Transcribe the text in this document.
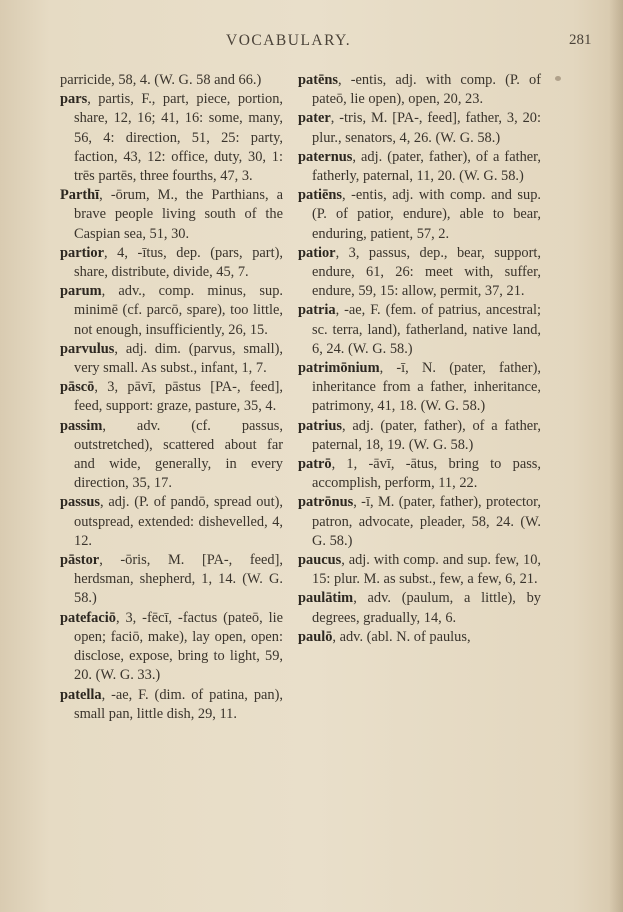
VOCABULARY.	281

parricide, 58, 4. (W. G. 58 and 66.)

pars, partis, F., part, piece, portion, share, 12, 16; 41, 16: some, many, 56, 4: direction, 51, 25: party, faction, 43, 12: office, duty, 30, 1: trēs partēs, three fourths, 47, 3.

Parthī, -ōrum, M., the Parthians, a brave people living south of the Caspian sea, 51, 30.

partior, 4, -ītus, dep. (pars, part), share, distribute, divide, 45, 7.

parum, adv., comp. minus, sup. minimē (cf. parcō, spare), too little, not enough, insufficiently, 26, 15.

parvulus, adj. dim. (parvus, small), very small. As subst., infant, 1, 7.

pāscō, 3, pāvī, pāstus [PA-, feed], feed, support: graze, pasture, 35, 4.

passim, adv. (cf. passus, outstretched), scattered about far and wide, generally, in every direction, 35, 17.

passus, adj. (P. of pandō, spread out), outspread, extended: dishevelled, 4, 12.

pāstor, -ōris, M. [PA-, feed], herdsman, shepherd, 1, 14. (W. G. 58.)

patefaciō, 3, -fēcī, -factus (pateō, lie open; faciō, make), lay open, open: disclose, expose, bring to light, 59, 20. (W. G. 33.)

patella, -ae, F. (dim. of patina, pan), small pan, little dish, 29, 11.

patēns, -entis, adj. with comp. (P. of pateō, lie open), open, 20, 23.

pater, -tris, M. [PA-, feed], father, 3, 20: plur., senators, 4, 26. (W. G. 58.)

paternus, adj. (pater, father), of a father, fatherly, paternal, 11, 20. (W. G. 58.)

patiēns, -entis, adj. with comp. and sup. (P. of patior, endure), able to bear, enduring, patient, 57, 2.

patior, 3, passus, dep., bear, support, endure, 61, 26: meet with, suffer, endure, 59, 15: allow, permit, 37, 21.

patria, -ae, F. (fem. of patrius, ancestral; sc. terra, land), fatherland, native land, 6, 24. (W. G. 58.)

patrimōnium, -ī, N. (pater, father), inheritance from a father, inheritance, patrimony, 41, 18. (W. G. 58.)

patrius, adj. (pater, father), of a father, paternal, 18, 19. (W. G. 58.)

patrō, 1, -āvī, -ātus, bring to pass, accomplish, perform, 11, 22.

patrōnus, -ī, M. (pater, father), protector, patron, advocate, pleader, 58, 24. (W. G. 58.)

paucus, adj. with comp. and sup. few, 10, 15: plur. M. as subst., few, a few, 6, 21.

paulātim, adv. (paulum, a little), by degrees, gradually, 14, 6.

paulō, adv. (abl. N. of paulus,
